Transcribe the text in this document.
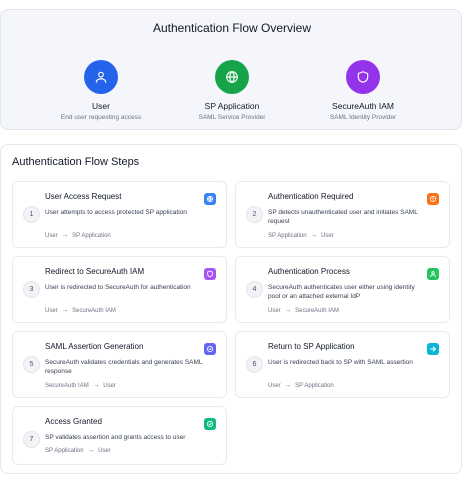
Authentication Flow Overview
User
End user requesting access
SP Application
SAML Service Provider
SecureAuth IAM
SAML Identity Provider
Authentication Flow Steps
1
User Access Request
User attempts to access protected SP application
User → SP Application
2
Authentication Required
SP detects unauthenticated user and initiates SAML request
SP Application → User
3
Redirect to SecureAuth IAM
User is redirected to SecureAuth for authentication
User → SecureAuth IAM
4
Authentication Process
SecureAuth authenticates user either using identity pool or an attached external IdP
User → SecureAuth IAM
5
SAML Assertion Generation
SecureAuth validates credentials and generates SAML response
SecureAuth IAM → User
6
Return to SP Application
User is redirected back to SP with SAML assertion
User → SP Application
7
Access Granted
SP validates assertion and grants access to user
SP Application → User
